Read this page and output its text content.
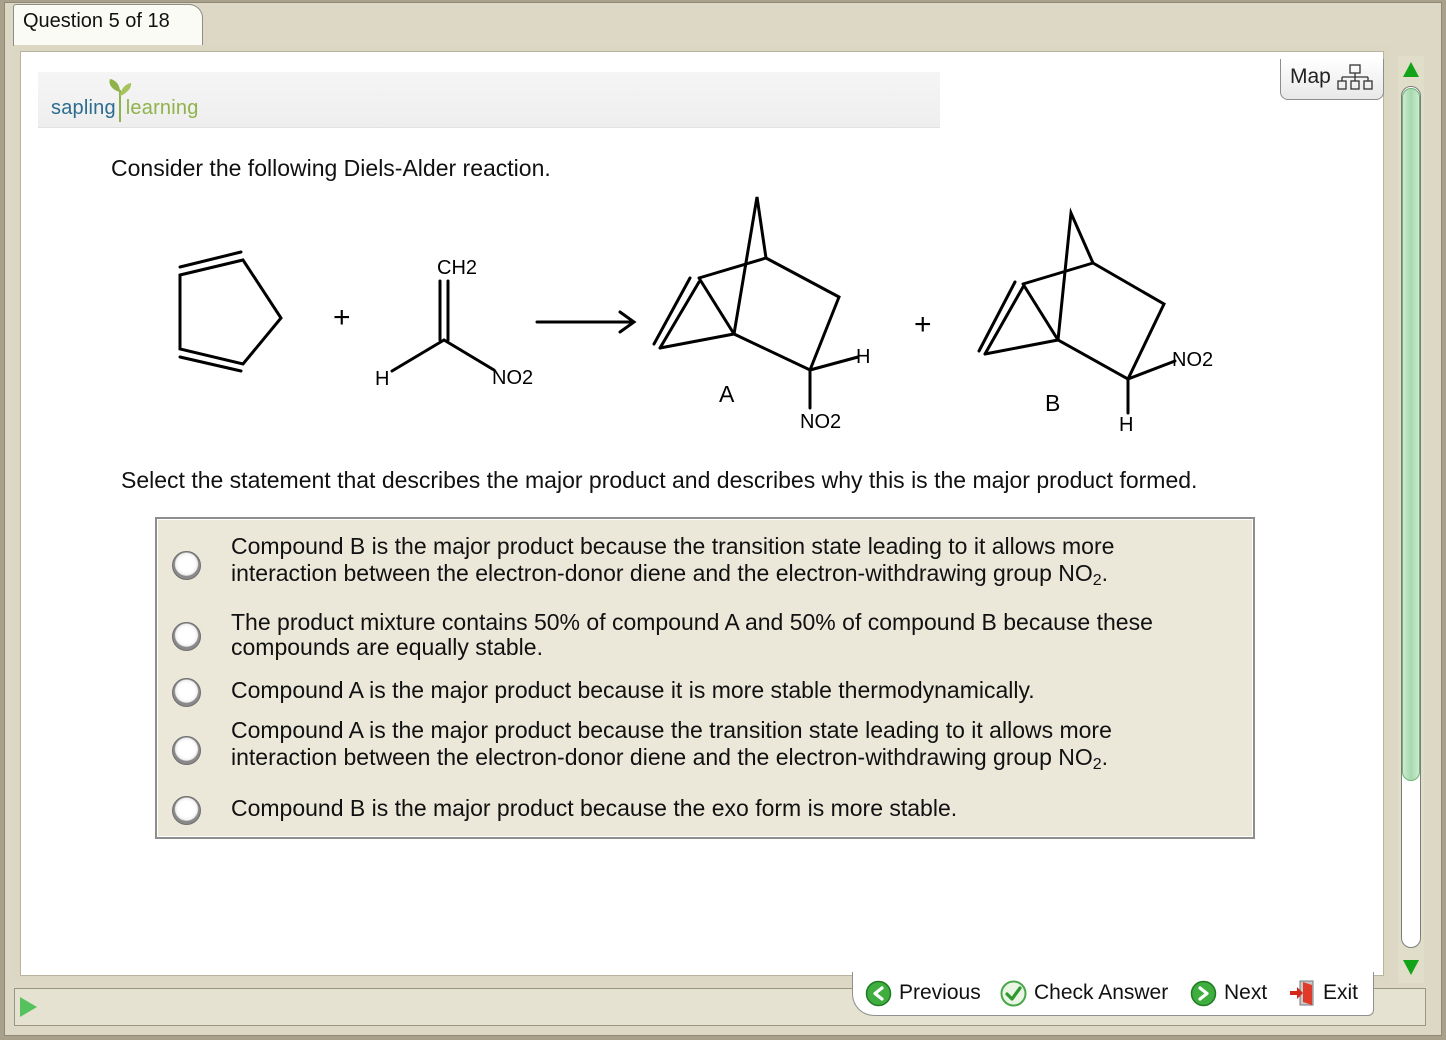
Question 5 of 18
sapling learning
Map
Consider the following Diels-Alder reaction.
+	+
CH2
H	NO2
A
H
NO2
B
NO2
H
Select the statement that describes the major product and describes why this is the major product formed.
Compound B is the major product because the transition state leading to it allows more
interaction between the electron-donor diene and the electron-withdrawing group $NO_2$.
The product mixture contains 50% of compound A and 50% of compound B because these
compounds are equally stable.
Compound A is the major product because it is more stable thermodynamically.
Compound A is the major product because the transition state leading to it allows more
interaction between the electron-donor diene and the electron-withdrawing group $NO_2$.
Compound B is the major product because the exo form is more stable.
Previous	Check Answer	Next	Exit
